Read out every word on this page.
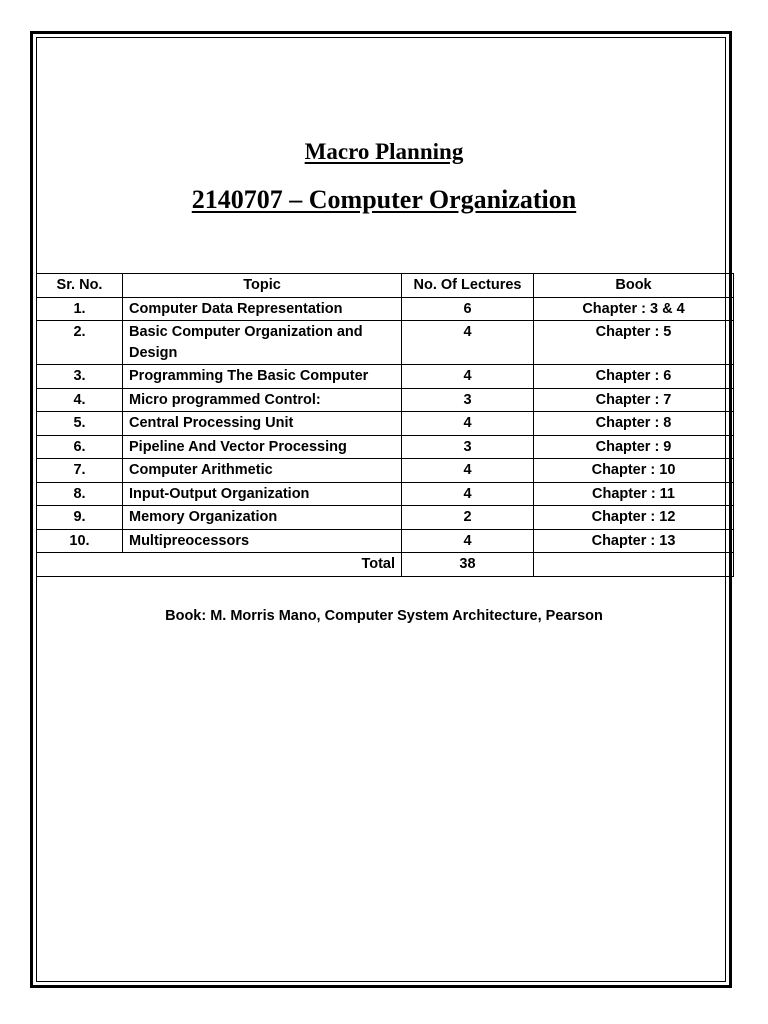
Macro Planning
2140707 – Computer Organization
Sr. No.	Topic	No. Of Lectures	Book
1.	Computer Data Representation	6	Chapter : 3 & 4
2.	Basic Computer Organization and Design	4	Chapter : 5
3.	Programming The Basic Computer	4	Chapter : 6
4.	Micro programmed Control:	3	Chapter : 7
5.	Central Processing Unit	4	Chapter : 8
6.	Pipeline And Vector Processing	3	Chapter : 9
7.	Computer Arithmetic	4	Chapter : 10
8.	Input-Output Organization	4	Chapter : 11
9.	Memory Organization	2	Chapter : 12
10.	Multipreocessors	4	Chapter : 13
Total		38	

Book: M. Morris Mano, Computer System Architecture, Pearson
